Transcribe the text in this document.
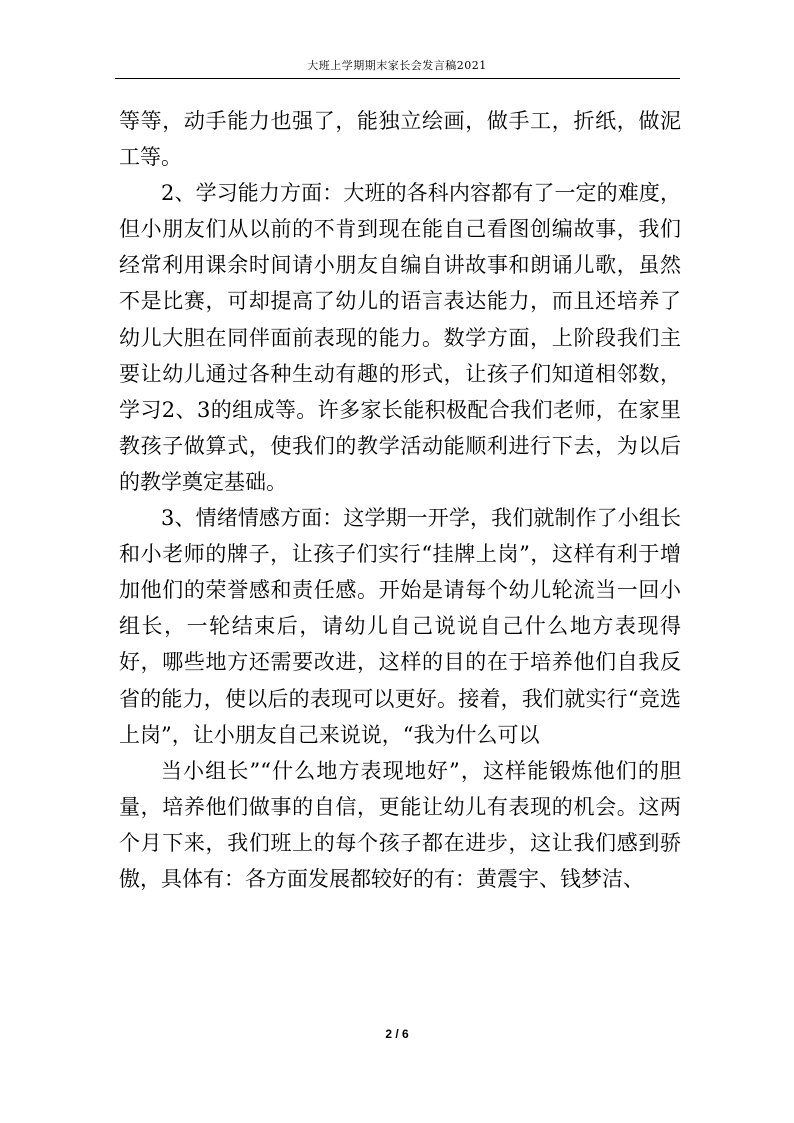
大班上学期期末家长会发言稿2021

等等，动手能力也强了，能独立绘画，做手工，折纸，做泥工等。

2、学习能力方面：大班的各科内容都有了一定的难度，但小朋友们从以前的不肯到现在能自己看图创编故事，我们经常利用课余时间请小朋友自编自讲故事和朗诵儿歌，虽然不是比赛，可却提高了幼儿的语言表达能力，而且还培养了幼儿大胆在同伴面前表现的能力。数学方面，上阶段我们主要让幼儿通过各种生动有趣的形式，让孩子们知道相邻数，学习2、3的组成等。许多家长能积极配合我们老师，在家里教孩子做算式，使我们的教学活动能顺利进行下去，为以后的教学奠定基础。

3、情绪情感方面：这学期一开学，我们就制作了小组长和小老师的牌子，让孩子们实行“挂牌上岗”，这样有利于增加他们的荣誉感和责任感。开始是请每个幼儿轮流当一回小组长，一轮结束后，请幼儿自己说说自己什么地方表现得好，哪些地方还需要改进，这样的目的在于培养他们自我反省的能力，使以后的表现可以更好。接着，我们就实行“竞选上岗”，让小朋友自己来说说，“我为什么可以

当小组长”“什么地方表现地好”，这样能锻炼他们的胆量，培养他们做事的自信，更能让幼儿有表现的机会。这两个月下来，我们班上的每个孩子都在进步，这让我们感到骄傲，具体有：各方面发展都较好的有：黄震宇、钱梦洁、

2 / 6
